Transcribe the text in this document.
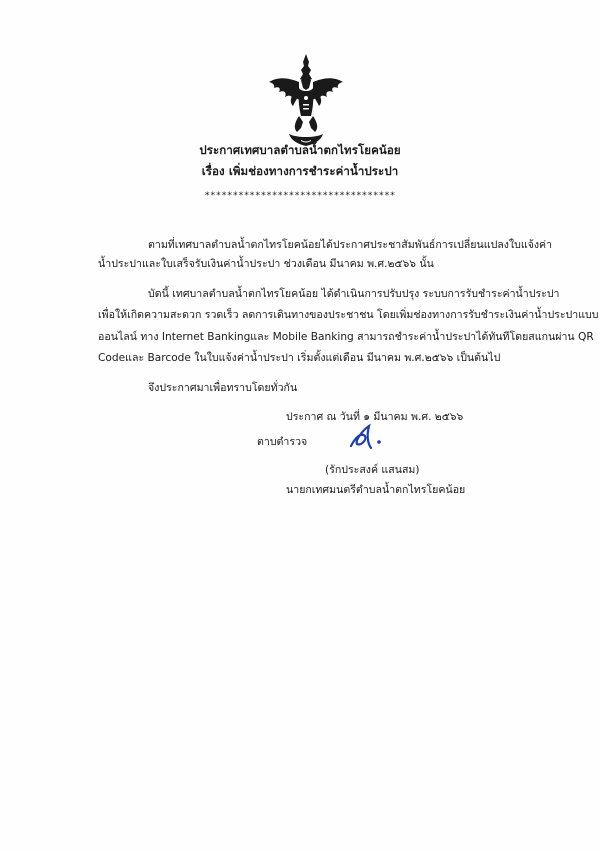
ประกาศเทศบาลตำบลน้ำตกไทรโยคน้อย
เรื่อง เพิ่มช่องทางการชำระค่าน้ำประปา
**********************************
ตามที่เทศบาลตำบลน้ำตกไทรโยคน้อยได้ประกาศประชาสัมพันธ์การเปลี่ยนแปลงใบแจ้งค่า
น้ำประปาและใบเสร็จรับเงินค่าน้ำประปา ช่วงเดือน มีนาคม พ.ศ.๒๕๖๖ นั้น
บัดนี้ เทศบาลตำบลน้ำตกไทรโยคน้อย ได้ดำเนินการปรับปรุง ระบบการรับชำระค่าน้ำประปา
เพื่อให้เกิดความสะดวก รวดเร็ว ลดการเดินทางของประชาชน โดยเพิ่มช่องทางการรับชำระเงินค่าน้ำประปาแบบ
ออนไลน์ ทาง Internet Bankingและ Mobile Banking สามารถชำระค่าน้ำประปาได้ทันทีโดยสแกนผ่าน QR
Codeและ Barcode ในใบแจ้งค่าน้ำประปา เริ่มตั้งแต่เดือน มีนาคม พ.ศ.๒๕๖๖ เป็นต้นไป
จึงประกาศมาเพื่อทราบโดยทั่วกัน
ประกาศ ณ วันที่ ๑ มีนาคม พ.ศ. ๒๕๖๖
ตาบตำรวจ
(รักประสงค์ แสนสม)
นายกเทศมนตรีตำบลน้ำตกไทรโยคน้อย
